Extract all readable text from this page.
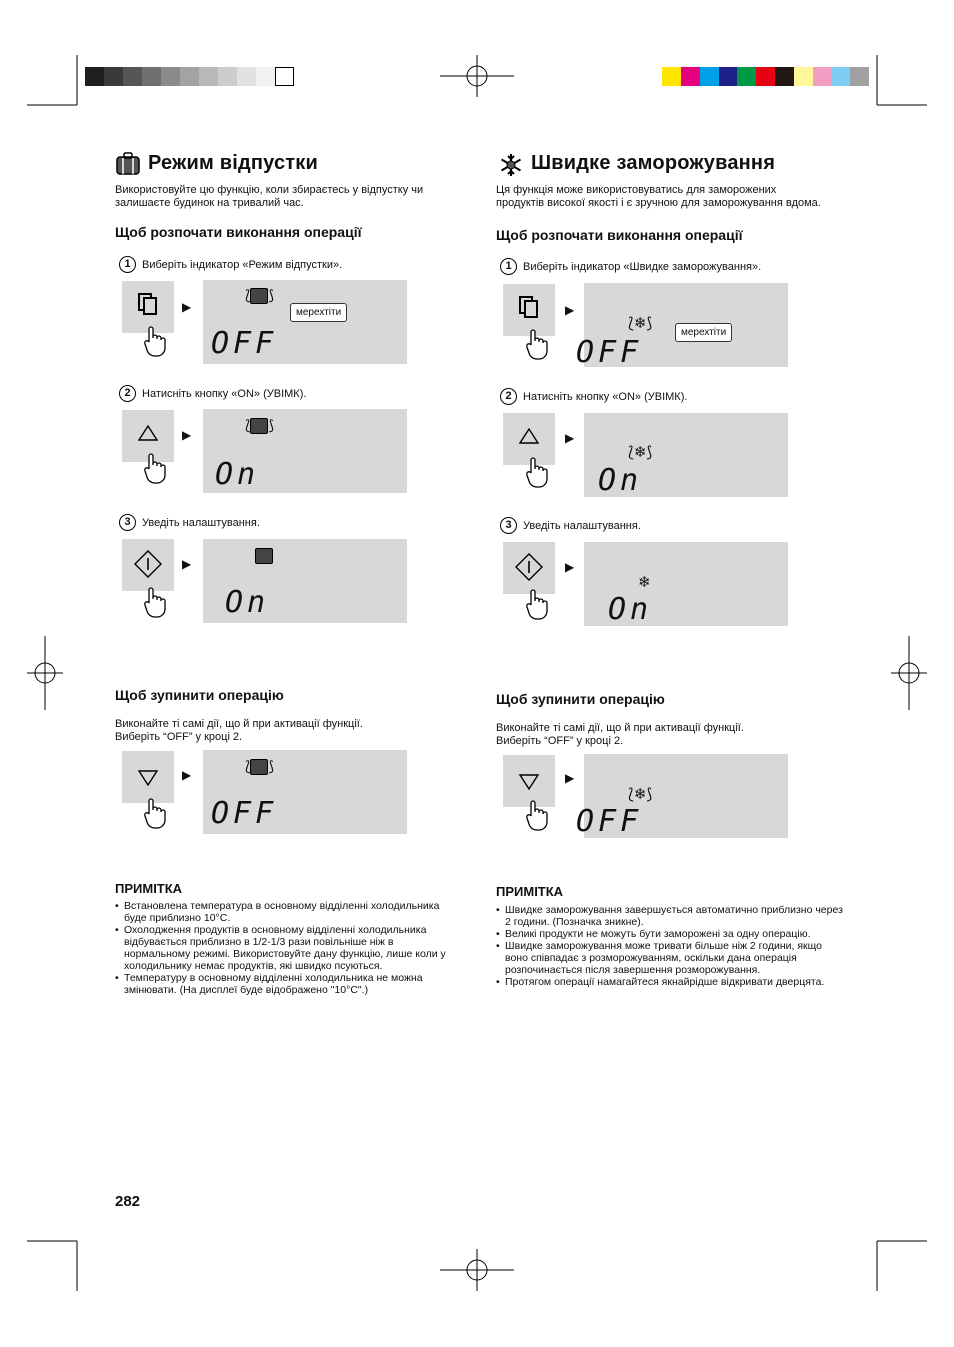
Режим відпустки
Використовуйте цю функцію, коли збираєтесь у відпустку чи залишаєте будинок на тривалий час.
Щоб розпочати виконання операції
1	Виберіть індикатор «Режим відпустки».
▶
⟅ ⟆
мерехтіти
OFF
2	Натисніть кнопку «ON» (УВІМК).
▶
⟅ ⟆
On
3	Уведіть налаштування.
▶
On
Щоб зупинити операцію
Виконайте ті самі дії, що й при активації функції. Виберіть “OFF” у кроці 2.
▶
⟅ ⟆
OFF
ПРИМІТКА
• Встановлена температура в основному відділенні холодильника буде приблизно 10°C.
• Охолодження продуктів в основному відділенні холодильника відбувається приблизно в 1/2-1/3 рази повільніше ніж в нормальному режимі. Використовуйте дану функцію, лише коли у холодильнику немає продуктів, які швидко псуються.
• Температуру в основному відділенні холодильника не можна змінювати. (На дисплеї буде відображено "10°C".)
Швидке заморожування
Ця функція може використовуватись для заморожених продуктів високої якості і є зручною для заморожування вдома.
Щоб розпочати виконання операції
1	Виберіть індикатор «Швидке заморожування».
▶
⟅❄⟆
мерехтіти
OFF
2	Натисніть кнопку «ON» (УВІМК).
▶
⟅❄⟆
On
3	Уведіть налаштування.
▶
❄
On
Щоб зупинити операцію
Виконайте ті самі дії, що й при активації функції. Виберіть “OFF” у кроці 2.
▶
⟅❄⟆
OFF
ПРИМІТКА
• Швидке заморожування завершується автоматично приблизно через 2 години. (Позначка зникне).
• Великі продукти не можуть бути заморожені за одну операцію.
• Швидке заморожування може тривати більше ніж 2 години, якщо воно співпадає з розморожуванням, оскільки дана операція розпочинається після завершення розморожування.
• Протягом операції намагайтеся якнайрідше відкривати дверцята.
282
